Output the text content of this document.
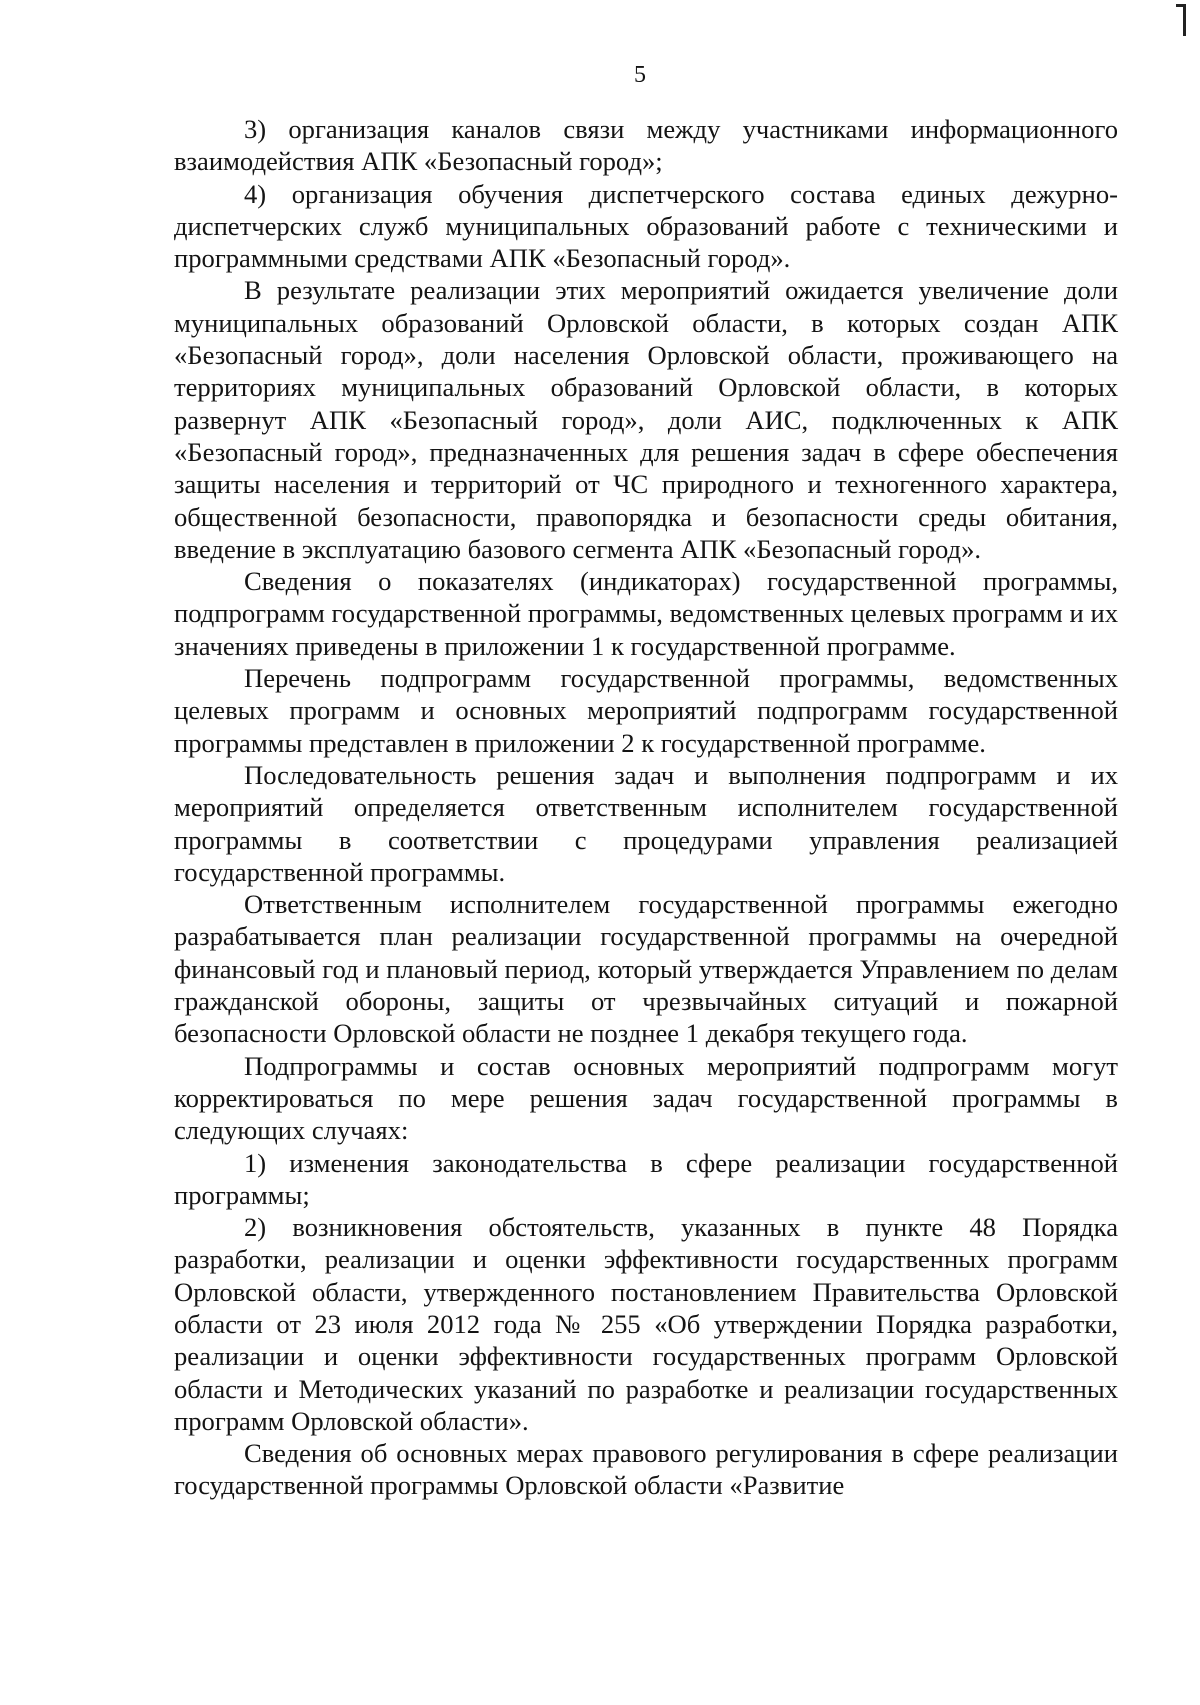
5

3) организация каналов связи между участниками информационного взаимодействия АПК «Безопасный город»;

4) организация обучения диспетчерского состава единых дежурно-диспетчерских служб муниципальных образований работе с техническими и программными средствами АПК «Безопасный город».

В результате реализации этих мероприятий ожидается увеличение доли муниципальных образований Орловской области, в которых создан АПК «Безопасный город», доли населения Орловской области, проживающего на территориях муниципальных образований Орловской области, в которых развернут АПК «Безопасный город», доли АИС, подключенных к АПК «Безопасный город», предназначенных для решения задач в сфере обеспечения защиты населения и территорий от ЧС природного и техногенного характера, общественной безопасности, правопорядка и безопасности среды обитания, введение в эксплуатацию базового сегмента АПК «Безопасный город».

Сведения о показателях (индикаторах) государственной программы, подпрограмм государственной программы, ведомственных целевых программ и их значениях приведены в приложении 1 к государственной программе.

Перечень подпрограмм государственной программы, ведомственных целевых программ и основных мероприятий подпрограмм государственной программы представлен в приложении 2 к государственной программе.

Последовательность решения задач и выполнения подпрограмм и их мероприятий определяется ответственным исполнителем государственной программы в соответствии с процедурами управления реализацией государственной программы.

Ответственным исполнителем государственной программы ежегодно разрабатывается план реализации государственной программы на очередной финансовый год и плановый период, который утверждается Управлением по делам гражданской обороны, защиты от чрезвычайных ситуаций и пожарной безопасности Орловской области не позднее 1 декабря текущего года.

Подпрограммы и состав основных мероприятий подпрограмм могут корректироваться по мере решения задач государственной программы в следующих случаях:

1) изменения законодательства в сфере реализации государственной программы;

2) возникновения обстоятельств, указанных в пункте 48 Порядка разработки, реализации и оценки эффективности государственных программ Орловской области, утвержденного постановлением Правительства Орловской области от 23 июля 2012 года № 255 «Об утверждении Порядка разработки, реализации и оценки эффективности государственных программ Орловской области и Методических указаний по разработке и реализации государственных программ Орловской области».

Сведения об основных мерах правового регулирования в сфере реализации государственной программы Орловской области «Развитие
